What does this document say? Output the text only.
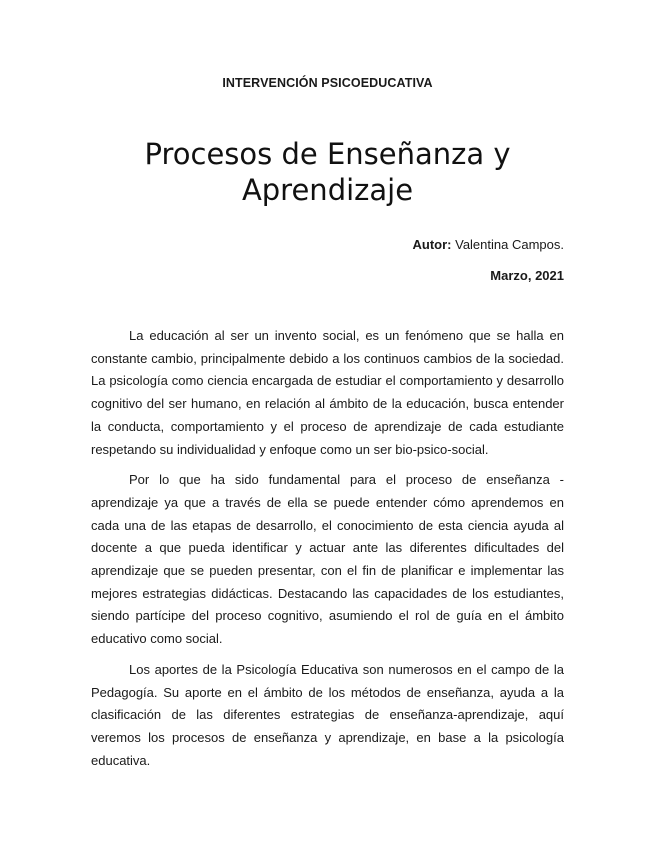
INTERVENCIÓN PSICOEDUCATIVA
Procesos de Enseñanza y
Aprendizaje
Autor: Valentina Campos.
Marzo, 2021

La educación al ser un invento social, es un fenómeno que se halla en constante cambio, principalmente debido a los continuos cambios de la sociedad. La psicología como ciencia encargada de estudiar el comportamiento y desarrollo cognitivo del ser humano, en relación al ámbito de la educación, busca entender la conducta, comportamiento y el proceso de aprendizaje de cada estudiante respetando su individualidad y enfoque como un ser bio-psico-social.

Por lo que ha sido fundamental para el proceso de enseñanza - aprendizaje ya que a través de ella se puede entender cómo aprendemos en cada una de las etapas de desarrollo, el conocimiento de esta ciencia ayuda al docente a que pueda identificar y actuar ante las diferentes dificultades del aprendizaje que se pueden presentar, con el fin de planificar e implementar las mejores estrategias didácticas. Destacando las capacidades de los estudiantes, siendo partícipe del proceso cognitivo, asumiendo el rol de guía en el ámbito educativo como social.

Los aportes de la Psicología Educativa son numerosos en el campo de la Pedagogía. Su aporte en el ámbito de los métodos de enseñanza, ayuda a la clasificación de las diferentes estrategias de enseñanza-aprendizaje, aquí veremos los procesos de enseñanza y aprendizaje, en base a la psicología educativa.
